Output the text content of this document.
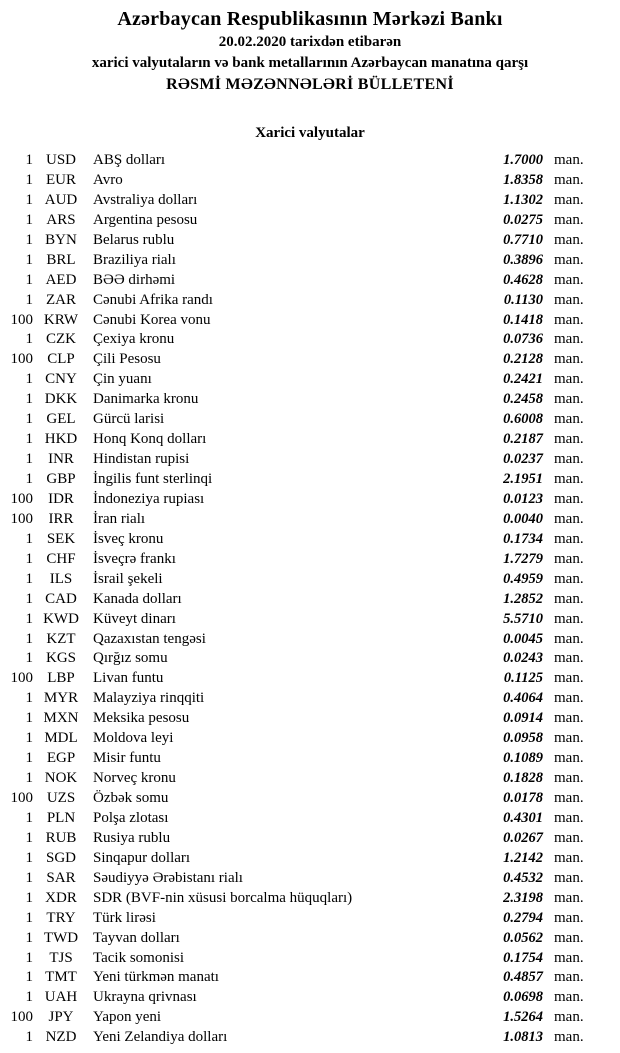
Azərbaycan Respublikasının Mərkəzi Bankı
20.02.2020 tarixdən etibarən
xarici valyutaların və bank metallarının Azərbaycan manatına qarşı
RƏSMİ MƏZƏNNƏLƏRİ BÜLLETENİ
Xarici valyutalar
1 USD	ABŞ dolları	1.7000 man.
1 EUR	Avro	1.8358 man.
1 AUD	Avstraliya dolları	1.1302 man.
1 ARS	Argentina pesosu	0.0275 man.
1 BYN	Belarus rublu	0.7710 man.
1 BRL	Braziliya rialı	0.3896 man.
1 AED	BƏƏ dirhəmi	0.4628 man.
1 ZAR	Cənubi Afrika randı	0.1130 man.
100 KRW Cənubi Korea vonu	0.1418 man.
1 CZK	Çexiya kronu	0.0736 man.
100 CLP	Çili Pesosu	0.2128 man.
1 CNY	Çin yuanı	0.2421 man.
1 DKK	Danimarka kronu	0.2458 man.
1 GEL	Gürcü larisi	0.6008 man.
1 HKD	Honq Konq dolları	0.2187 man.
1	INR	Hindistan rupisi	0.0237 man.
1 GBP	İngilis funt sterlinqi	2.1951 man.
100	IDR	İndoneziya rupiası	0.0123 man.
100	IRR	İran rialı	0.0040 man.
1 SEK	İsveç kronu	0.1734 man.
1 CHF	İsveçrə frankı	1.7279 man.
1	ILS	İsrail şekeli	0.4959 man.
1 CAD	Kanada dolları	1.2852 man.
1 KWD Küveyt dinarı	5.5710 man.
1 KZT	Qazaxıstan tengəsi	0.0045 man.
1 KGS	Qırğız somu	0.0243 man.
100 LBP	Livan funtu	0.1125 man.
1 MYR Malayziya rinqqiti	0.4064 man.
1 MXN Meksika pesosu	0.0914 man.
1 MDL	Moldova leyi	0.0958 man.
1 EGP	Misir funtu	0.1089 man.
1 NOK	Norveç kronu	0.1828 man.
100 UZS	Özbək somu	0.0178 man.
1 PLN	Polşa zlotası	0.4301 man.
1 RUB	Rusiya rublu	0.0267 man.
1 SGD	Sinqapur dolları	1.2142 man.
1 SAR	Səudiyyə Ərəbistanı rialı	0.4532 man.
1 XDR	SDR (BVF-nin xüsusi borcalma hüquqları)	2.3198 man.
1 TRY	Türk lirəsi	0.2794 man.
1 TWD Tayvan dolları	0.0562 man.
1	TJS	Tacik somonisi	0.1754 man.
1 TMT	Yeni türkmən manatı	0.4857 man.
1 UAH	Ukrayna qrivnası	0.0698 man.
100	JPY	Yapon yeni	1.5264 man.
1 NZD	Yeni Zelandiya dolları	1.0813 man.
